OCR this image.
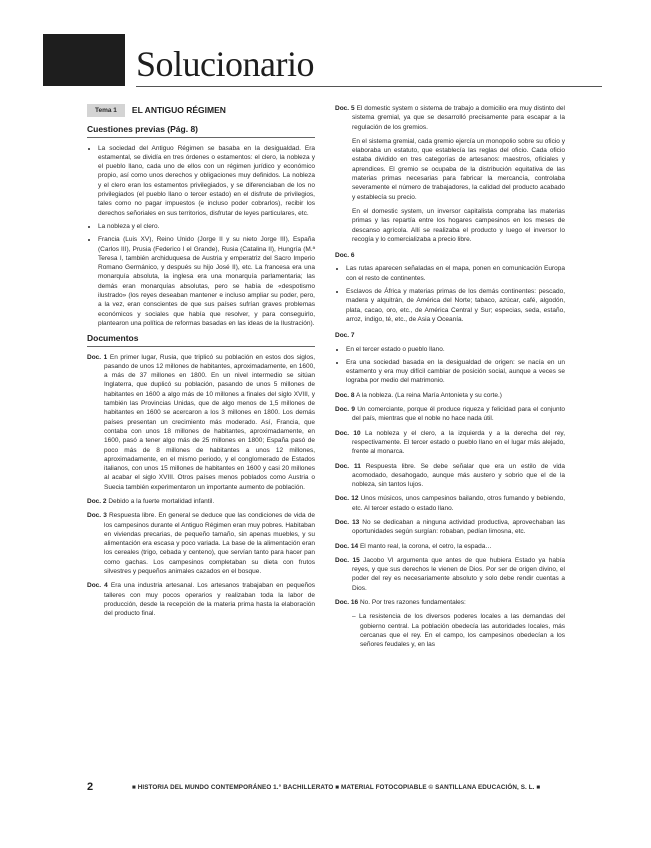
Solucionario
Tema 1	EL ANTIGUO RÉGIMEN
Cuestiones previas (Pág. 8)
• La sociedad del Antiguo Régimen se basaba en la desigualdad. Era estamental, se dividía en tres órdenes o estamentos: el clero, la nobleza y el pueblo llano, cada uno de ellos con un régimen jurídico y económico propio, así como unos derechos y obligaciones muy definidos. La nobleza y el clero eran los estamentos privilegiados, y se diferenciaban de los no privilegiados (el pueblo llano o tercer estado) en el disfrute de privilegios, tales como no pagar impuestos (e incluso poder cobrarlos), recibir los derechos señoriales en sus territorios, disfrutar de leyes particulares, etc.
• La nobleza y el clero.
• Francia (Luis XV), Reino Unido (Jorge II y su nieto Jorge III), España (Carlos III), Prusia (Federico I el Grande), Rusia (Catalina II), Hungría (M.ª Teresa I, también archiduquesa de Austria y emperatriz del Sacro Imperio Romano Germánico, y después su hijo José II), etc. La francesa era una monarquía absoluta, la inglesa era una monarquía parlamentaria; las demás eran monarquías absolutas, pero se había de «despotismo ilustrado» (los reyes deseaban mantener e incluso ampliar su poder, pero, a la vez, eran conscientes de que sus países sufrían graves problemas económicos y sociales que había que resolver, y para conseguirlo, plantearon una política de reformas basadas en las ideas de la Ilustración).
Documentos
Doc. 1 En primer lugar, Rusia, que triplicó su población en estos dos siglos, pasando de unos 12 millones de habitantes, aproximadamente, en 1600, a más de 37 millones en 1800. En un nivel intermedio se sitúan Inglaterra, que duplicó su población, pasando de unos 5 millones de habitantes en 1600 a algo más de 10 millones a finales del siglo XVIII, y también las Provincias Unidas, que de algo menos de 1,5 millones de habitantes en 1600 se acercaron a los 3 millones en 1800. Los demás países presentan un crecimiento más moderado. Así, Francia, que contaba con unos 18 millones de habitantes, aproximadamente, en 1600, pasó a tener algo más de 25 millones en 1800; España pasó de poco más de 8 millones de habitantes a unos 12 millones, aproximadamente, en el mismo periodo, y el conglomerado de Estados italianos, con unos 15 millones de habitantes en 1600 y casi 20 millones al acabar el siglo XVIII. Otros países menos poblados como Austria o Suecia también experimentaron un importante aumento de población.
Doc. 2 Debido a la fuerte mortalidad infantil.
Doc. 3 Respuesta libre. En general se deduce que las condiciones de vida de los campesinos durante el Antiguo Régimen eran muy pobres. Habitaban en viviendas precarias, de pequeño tamaño, sin apenas muebles, y su alimentación era escasa y poco variada. La base de la alimentación eran los cereales (trigo, cebada y centeno), que servían tanto para hacer pan como gachas. Los campesinos completaban su dieta con frutos silvestres y pequeños animales cazados en el bosque.
Doc. 4 Era una industria artesanal. Los artesanos trabajaban en pequeños talleres con muy pocos operarios y realizaban toda la labor de producción, desde la recepción de la materia prima hasta la elaboración del producto final.
Doc. 5 El domestic system o sistema de trabajo a domicilio era muy distinto del sistema gremial, ya que se desarrolló precisamente para escapar a la regulación de los gremios.
En el sistema gremial, cada gremio ejercía un monopolio sobre su oficio y elaboraba un estatuto, que establecía las reglas del oficio. Cada oficio estaba dividido en tres categorías de artesanos: maestros, oficiales y aprendices. El gremio se ocupaba de la distribución equitativa de las materias primas necesarias para fabricar la mercancía, controlaba severamente el número de trabajadores, la calidad del producto acabado y establecía su precio.
En el domestic system, un inversor capitalista compraba las materias primas y las repartía entre los hogares campesinos en los meses de descanso agrícola. Allí se realizaba el producto y luego el inversor lo recogía y lo comercializaba a precio libre.
Doc. 6
• Las rutas aparecen señaladas en el mapa, ponen en comunicación Europa con el resto de continentes.
• Esclavos de África y materias primas de los demás continentes: pescado, madera y alquitrán, de América del Norte; tabaco, azúcar, café, algodón, plata, cacao, oro, etc., de América Central y Sur; especias, seda, estaño, arroz, índigo, té, etc., de Asia y Oceanía.
Doc. 7
• En el tercer estado o pueblo llano.
• Era una sociedad basada en la desigualdad de origen: se nacía en un estamento y era muy difícil cambiar de posición social, aunque a veces se lograba por medio del matrimonio.
Doc. 8 A la nobleza. (La reina María Antonieta y su corte.)
Doc. 9 Un comerciante, porque él produce riqueza y felicidad para el conjunto del país, mientras que el noble no hace nada útil.
Doc. 10 La nobleza y el clero, a la izquierda y a la derecha del rey, respectivamente. El tercer estado o pueblo llano en el lugar más alejado, frente al monarca.
Doc. 11 Respuesta libre. Se debe señalar que era un estilo de vida acomodado, desahogado, aunque más austero y sobrio que el de la nobleza, sin tantos lujos.
Doc. 12 Unos músicos, unos campesinos bailando, otros fumando y bebiendo, etc. Al tercer estado o estado llano.
Doc. 13 No se dedicaban a ninguna actividad productiva, aprovechaban las oportunidades según surgían: robaban, pedían limosna, etc.
Doc. 14 El manto real, la corona, el cetro, la espada…
Doc. 15 Jacobo VI argumenta que antes de que hubiera Estado ya había reyes, y que sus derechos le vienen de Dios. Por ser de origen divino, el poder del rey es necesariamente absoluto y solo debe rendir cuentas a Dios.
Doc. 16 No. Por tres razones fundamentales:
– La resistencia de los diversos poderes locales a las demandas del gobierno central. La población obedecía las autoridades locales, más cercanas que el rey. En el campo, los campesinos obedecían a los señores feudales y, en las
2	■ HISTORIA DEL MUNDO CONTEMPORÁNEO 1.° BACHILLERATO ■ MATERIAL FOTOCOPIABLE © SANTILLANA EDUCACIÓN, S. L. ■
